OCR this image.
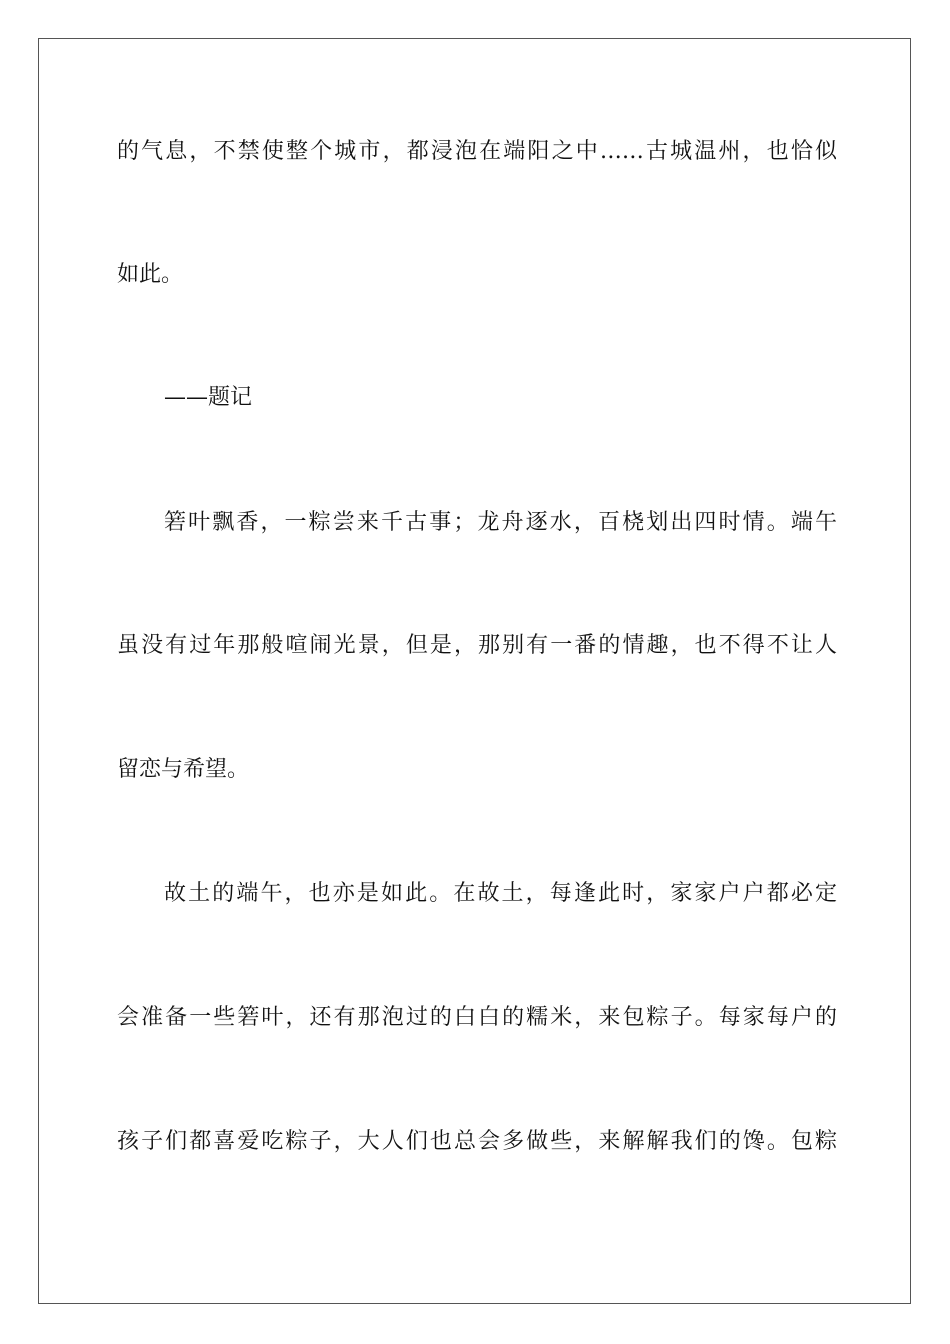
的气息，不禁使整个城市，都浸泡在端阳之中……古城温州，也恰似
如此。
——题记
箬叶飘香，一粽尝来千古事；龙舟逐水，百桡划出四时情。端午
虽没有过年那般喧闹光景，但是，那别有一番的情趣，也不得不让人
留恋与希望。
故土的端午，也亦是如此。在故土，每逢此时，家家户户都必定
会准备一些箬叶，还有那泡过的白白的糯米，来包粽子。每家每户的
孩子们都喜爱吃粽子，大人们也总会多做些，来解解我们的馋。包粽
